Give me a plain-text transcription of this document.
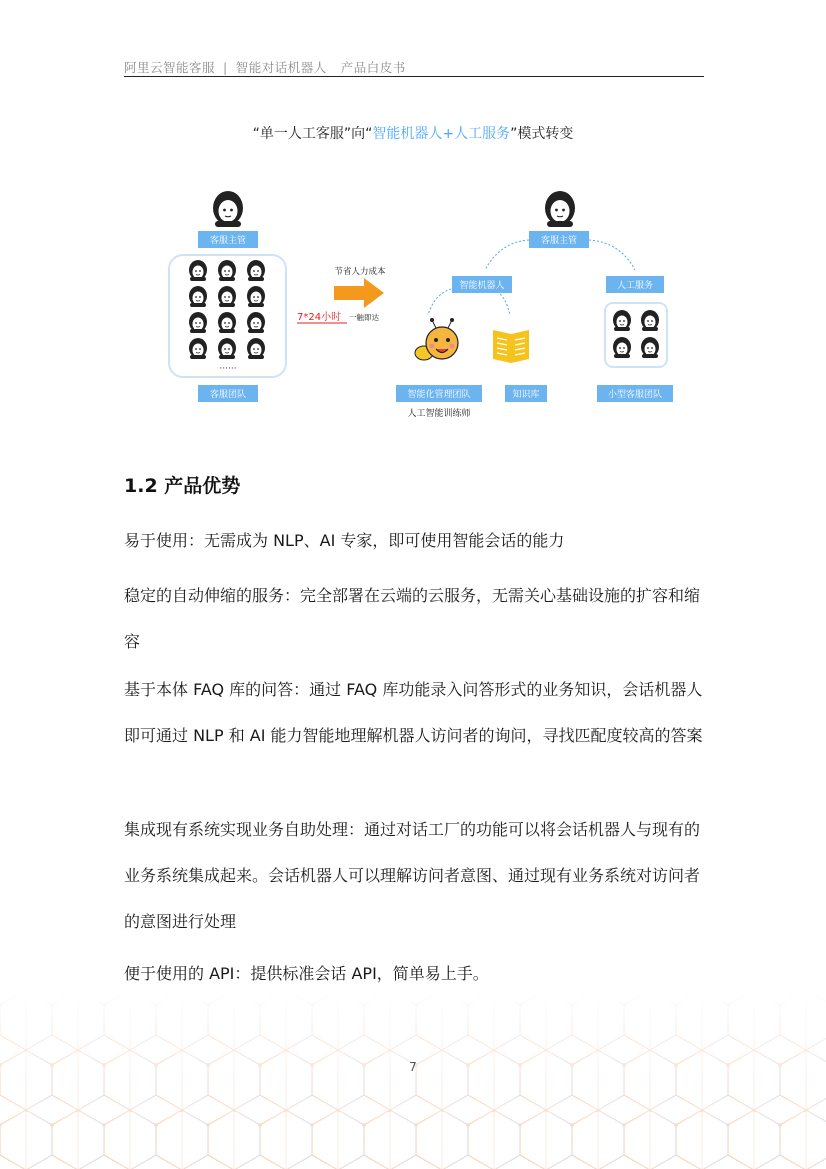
阿里云智能客服 | 智能对话机器人 产品白皮书
“单一人工客服”向“智能机器人+人工服务”模式转变
客服主管
······
客服团队
节省人力成本
7*24小时 一触即达
客服主管
智能机器人	人工服务
智能化管理团队	知识库	小型客服团队
人工智能训练师
1.2 产品优势
易于使用：无需成为 NLP、AI 专家，即可使用智能会话的能力
稳定的自动伸缩的服务：完全部署在云端的云服务，无需关心基础设施的扩容和缩容
基于本体 FAQ 库的问答：通过 FAQ 库功能录入问答形式的业务知识，会话机器人即可通过 NLP 和 AI 能力智能地理解机器人访问者的询问，寻找匹配度较高的答案
集成现有系统实现业务自助处理：通过对话工厂的功能可以将会话机器人与现有的业务系统集成起来。会话机器人可以理解访问者意图、通过现有业务系统对访问者的意图进行处理
便于使用的 API：提供标准会话 API，简单易上手。
7
